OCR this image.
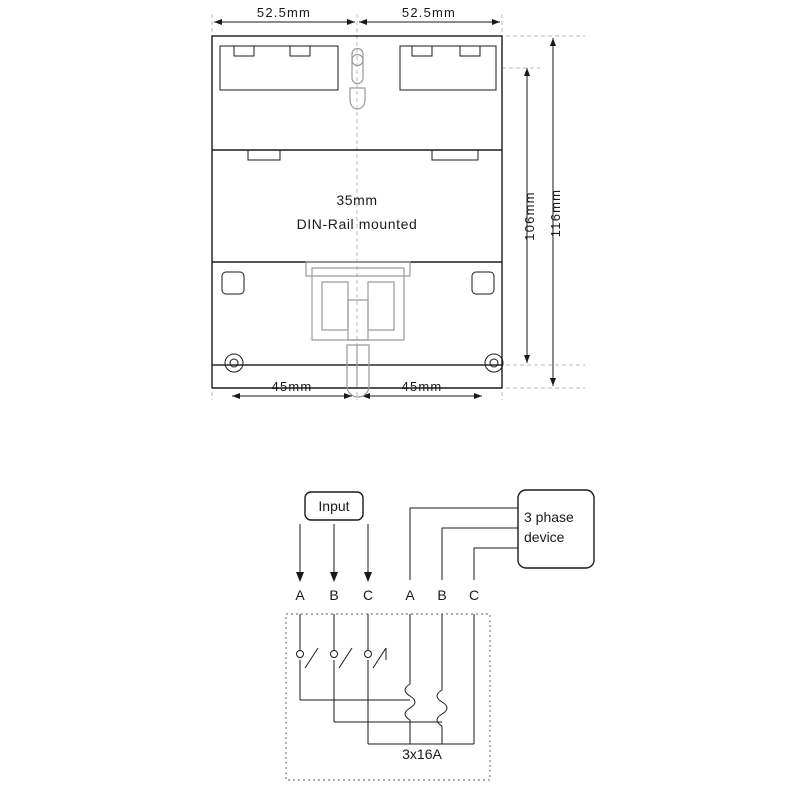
52.5mm	52.5mm
45mm	45mm
106mm 116mm
35mm
DIN-Rail mounted
Input
3 phase
device
A B C A B C
3x16A
